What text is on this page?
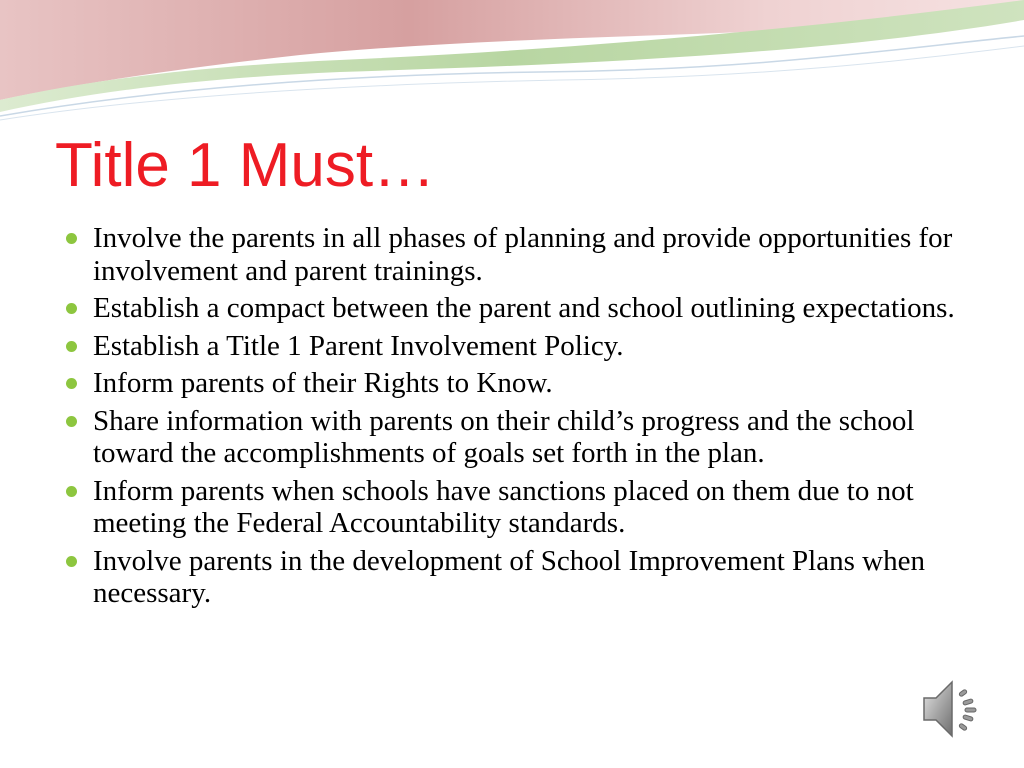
Title 1 Must…
Involve the parents in all phases of planning and provide opportunities for involvement and parent trainings.
Establish a compact between the parent and school outlining expectations.
Establish a Title 1 Parent Involvement Policy.
Inform parents of their Rights to Know.
Share information with parents on their child’s progress and the school toward the accomplishments of goals set forth in the plan.
Inform parents when schools have sanctions placed on them due to not meeting the Federal Accountability standards.
Involve parents in the development of School Improvement Plans when necessary.
